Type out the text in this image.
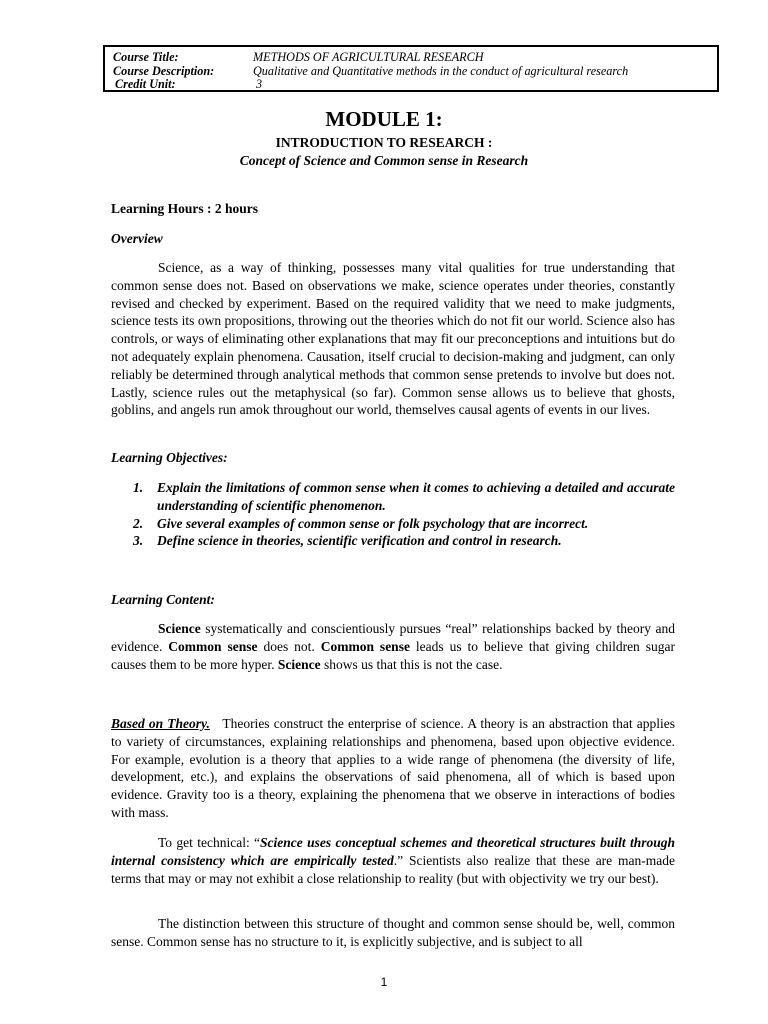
Course Title:	METHODS OF AGRICULTURAL RESEARCH
Course Description:	Qualitative and Quantitative methods in the conduct of agricultural research
Credit Unit:	3
MODULE 1:
INTRODUCTION TO RESEARCH :
Concept of Science and Common sense in Research
Learning Hours : 2 hours
Overview
Science, as a way of thinking, possesses many vital qualities for true understanding that common sense does not. Based on observations we make, science operates under theories, constantly revised and checked by experiment. Based on the required validity that we need to make judgments, science tests its own propositions, throwing out the theories which do not fit our world. Science also has controls, or ways of eliminating other explanations that may fit our preconceptions and intuitions but do not adequately explain phenomena. Causation, itself crucial to decision-making and judgment, can only reliably be determined through analytical methods that common sense pretends to involve but does not. Lastly, science rules out the metaphysical (so far). Common sense allows us to believe that ghosts, goblins, and angels run amok throughout our world, themselves causal agents of events in our lives.
Learning Objectives:
1. Explain the limitations of common sense when it comes to achieving a detailed and accurate understanding of scientific phenomenon.
2. Give several examples of common sense or folk psychology that are incorrect.
3. Define science in theories, scientific verification and control in research.
Learning Content:
Science systematically and conscientiously pursues “real” relationships backed by theory and evidence. Common sense does not. Common sense leads us to believe that giving children sugar causes them to be more hyper. Science shows us that this is not the case.
Based on Theory. Theories construct the enterprise of science. A theory is an abstraction that applies to variety of circumstances, explaining relationships and phenomena, based upon objective evidence. For example, evolution is a theory that applies to a wide range of phenomena (the diversity of life, development, etc.), and explains the observations of said phenomena, all of which is based upon evidence. Gravity too is a theory, explaining the phenomena that we observe in interactions of bodies with mass.
To get technical: “Science uses conceptual schemes and theoretical structures built through internal consistency which are empirically tested.” Scientists also realize that these are man-made terms that may or may not exhibit a close relationship to reality (but with objectivity we try our best).
The distinction between this structure of thought and common sense should be, well, common sense. Common sense has no structure to it, is explicitly subjective, and is subject to all
1
